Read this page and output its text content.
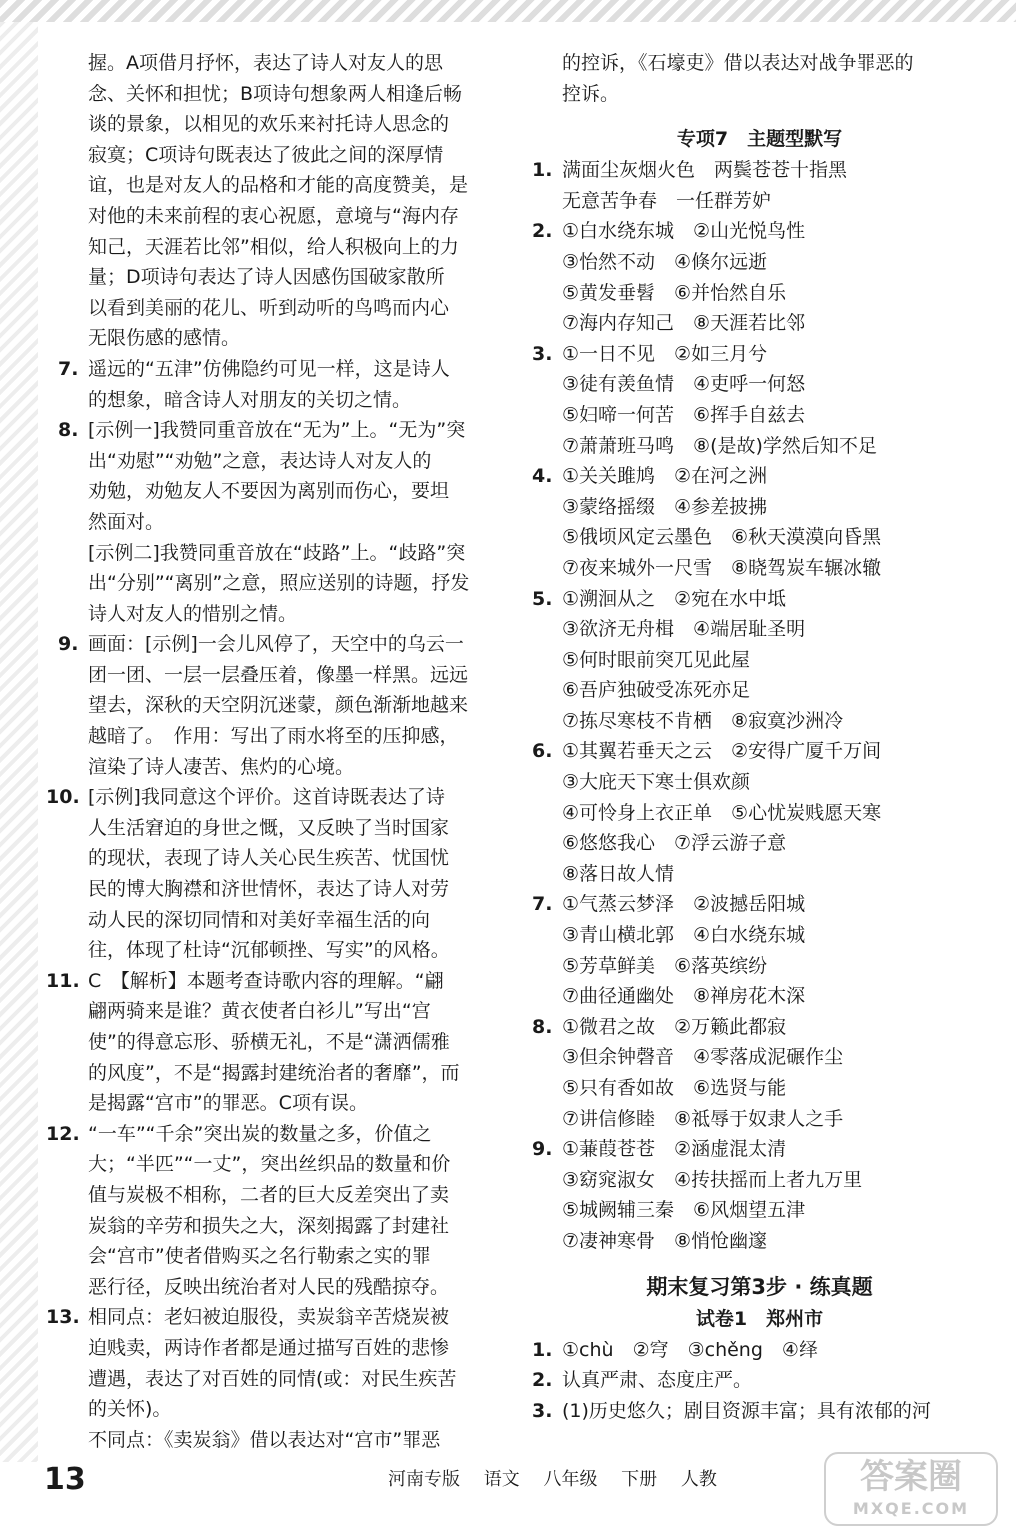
握。A项借月抒怀，表达了诗人对友人的思
念、关怀和担忧；B项诗句想象两人相逢后畅
谈的景象，以相见的欢乐来衬托诗人思念的
寂寞；C项诗句既表达了彼此之间的深厚情
谊，也是对友人的品格和才能的高度赞美，是
对他的未来前程的衷心祝愿，意境与“海内存
知己，天涯若比邻”相似，给人积极向上的力
量；D项诗句表达了诗人因感伤国破家散所
以看到美丽的花儿、听到动听的鸟鸣而内心
无限伤感的感情。
7. 遥远的“五津”仿佛隐约可见一样，这是诗人
的想象，暗含诗人对朋友的关切之情。
8. [示例一]我赞同重音放在“无为”上。“无为”突
出“劝慰”“劝勉”之意，表达诗人对友人的
劝勉，劝勉友人不要因为离别而伤心，要坦
然面对。
[示例二]我赞同重音放在“歧路”上。“歧路”突
出“分别”“离别”之意，照应送别的诗题，抒发
诗人对友人的惜别之情。
9. 画面：[示例]一会儿风停了，天空中的乌云一
团一团、一层一层叠压着，像墨一样黑。远远
望去，深秋的天空阴沉迷蒙，颜色渐渐地越来
越暗了。　作用：写出了雨水将至的压抑感，
渲染了诗人凄苦、焦灼的心境。
10. [示例]我同意这个评价。这首诗既表达了诗
人生活窘迫的身世之慨，又反映了当时国家
的现状，表现了诗人关心民生疾苦、忧国忧
民的博大胸襟和济世情怀，表达了诗人对劳
动人民的深切同情和对美好幸福生活的向
往，体现了杜诗“沉郁顿挫、写实”的风格。
11. C　【解析】本题考查诗歌内容的理解。“翩
翩两骑来是谁？黄衣使者白衫儿”写出“宫
使”的得意忘形、骄横无礼，不是“潇洒儒雅
的风度”，不是“揭露封建统治者的奢靡”，而
是揭露“宫市”的罪恶。C项有误。
12. “一车”“千余”突出炭的数量之多，价值之
大；“半匹”“一丈”，突出丝织品的数量和价
值与炭极不相称，二者的巨大反差突出了卖
炭翁的辛劳和损失之大，深刻揭露了封建社
会“宫市”使者借购买之名行勒索之实的罪
恶行径，反映出统治者对人民的残酷掠夺。
13. 相同点：老妇被迫服役，卖炭翁辛苦烧炭被
迫贱卖，两诗作者都是通过描写百姓的悲惨
遭遇，表达了对百姓的同情(或：对民生疾苦
的关怀)。
不同点：《卖炭翁》借以表达对“宫市”罪恶
的控诉，《石壕吏》借以表达对战争罪恶的
控诉。
专项7　主题型默写
1. 满面尘灰烟火色　两鬓苍苍十指黑
无意苦争春　一任群芳妒
2. ①白水绕东城　②山光悦鸟性
③怡然不动　④倏尔远逝
⑤黄发垂髫　⑥并怡然自乐
⑦海内存知己　⑧天涯若比邻
3. ①一日不见　②如三月兮
③徒有羡鱼情　④吏呼一何怒
⑤妇啼一何苦　⑥挥手自兹去
⑦萧萧班马鸣　⑧(是故)学然后知不足
4. ①关关雎鸠　②在河之洲
③蒙络摇缀　④参差披拂
⑤俄顷风定云墨色　⑥秋天漠漠向昏黑
⑦夜来城外一尺雪　⑧晓驾炭车辗冰辙
5. ①溯洄从之　②宛在水中坻
③欲济无舟楫　④端居耻圣明
⑤何时眼前突兀见此屋
⑥吾庐独破受冻死亦足
⑦拣尽寒枝不肯栖　⑧寂寞沙洲冷
6. ①其翼若垂天之云　②安得广厦千万间
③大庇天下寒士俱欢颜
④可怜身上衣正单　⑤心忧炭贱愿天寒
⑥悠悠我心　⑦浮云游子意
⑧落日故人情
7. ①气蒸云梦泽　②波撼岳阳城
③青山横北郭　④白水绕东城
⑤芳草鲜美　⑥落英缤纷
⑦曲径通幽处　⑧禅房花木深
8. ①微君之故　②万籁此都寂
③但余钟磬音　④零落成泥碾作尘
⑤只有香如故　⑥选贤与能
⑦讲信修睦　⑧祗辱于奴隶人之手
9. ①蒹葭苍苍　②涵虚混太清
③窈窕淑女　④抟扶摇而上者九万里
⑤城阙辅三秦　⑥风烟望五津
⑦凄神寒骨　⑧悄怆幽邃
期末复习第3步 · 练真题
试卷1　郑州市
1. ①chù　②穹　③chěng　④绎
2. 认真严肃、态度庄严。
3. (1)历史悠久；剧目资源丰富；具有浓郁的河
13	河南专版 语文 八年级 下册 人教	答案圈
MXQE.COM
